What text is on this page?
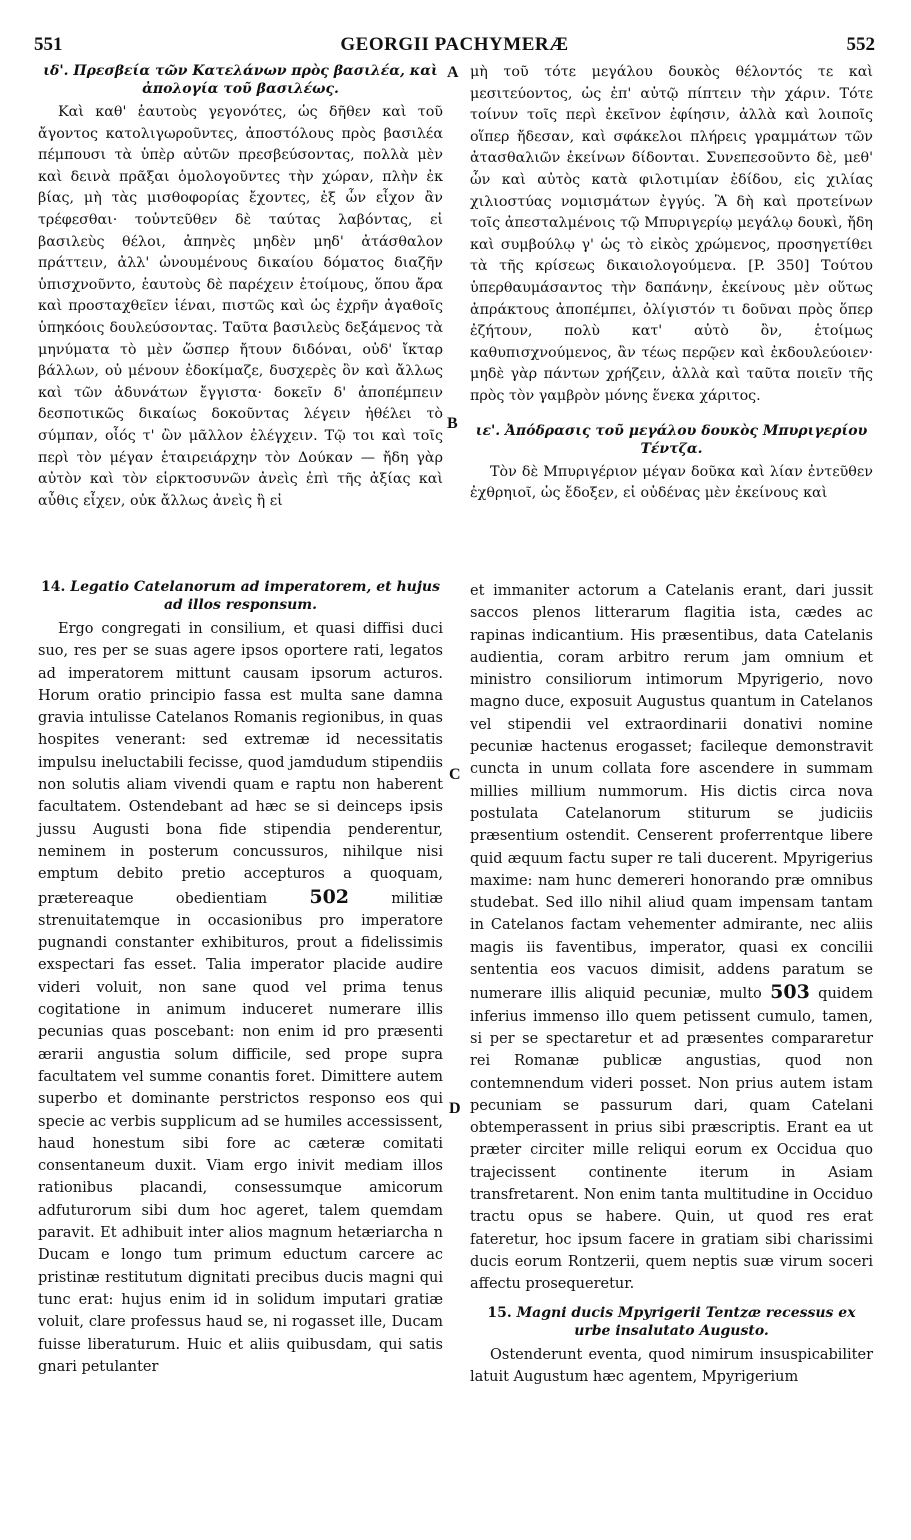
551	GEORGII PACHYMERÆ	552
ιδ'. Πρεσβεία τῶν Κατελάνων πρὸς βασιλέα, καὶ ἀπολογία τοῦ βασιλέως.

Καὶ καθ' ἑαυτοὺς γεγονότες, ὡς δῆθεν καὶ τοῦ ἄγοντος κατολιγωροῦντες, ἀποστόλους πρὸς βασιλέα πέμπουσι τὰ ὑπὲρ αὐτῶν πρεσβεύσοντας, πολλὰ μὲν καὶ δεινὰ πρᾶξαι ὁμολογοῦντες τὴν χώραν, πλὴν ἐκ βίας, μὴ τὰς μισθοφορίας ἔχοντες, ἐξ ὧν εἶχον ἂν τρέφεσθαι· τοὐντεῦθεν δὲ ταύτας λαβόντας, εἰ βασιλεὺς θέλοι, ἀπηνὲς μηδὲν μηδ' ἀτάσθαλον πράττειν, ἀλλ' ὠνουμένους δικαίου δόματος διαζῆν ὑπισχνοῦντο, ἑαυτοὺς δὲ παρέχειν ἑτοίμους, ὅπου ἄρα καὶ προσταχθεῖεν ἰέναι, πιστῶς καὶ ὡς ἐχρῆν ἀγαθοῖς ὑπηκόοις δουλεύσοντας. Ταῦτα βασιλεὺς δεξάμενος τὰ μηνύματα τὸ μὲν ὥσπερ ἤτουν διδόναι, οὐδ' ἴκταρ βάλλων, οὐ μένουν ἐδοκίμαζε, δυσχερὲς ὂν καὶ ἄλλως καὶ τῶν ἀδυνάτων ἔγγιστα· δοκεῖν δ' ἀποπέμπειν δεσποτικῶς δικαίως δοκοῦντας λέγειν ἠθέλει τὸ σύμπαν, οἷός τ' ὢν μᾶλλον ἐλέγχειν. Τῷ τοι καὶ τοῖς περὶ τὸν μέγαν ἑταιρειάρχην τὸν Δούκαν — ἤδη γὰρ αὐτὸν καὶ τὸν εἱρκτοσυνῶν ἀνεὶς ἐπὶ τῆς ἀξίας καὶ αὖθις εἶχεν, οὐκ ἄλλως ἀνεὶς ἢ εἰ

μὴ τοῦ τότε μεγάλου δουκὸς θέλοντός τε καὶ μεσιτεύοντος, ὡς ἐπ' αὐτῷ πίπτειν τὴν χάριν. Τότε τοίνυν τοῖς περὶ ἐκεῖνον ἐφίησιν, ἀλλὰ καὶ λοιποῖς οἵπερ ἤδεσαν, καὶ σφάκελοι πλήρεις γραμμάτων τῶν ἀτασθαλιῶν ἐκείνων δίδονται. Συνεπεσοῦντο δὲ, μεθ' ὧν καὶ αὐτὸς κατὰ φιλοτιμίαν ἐδίδου, εἰς χιλίας χιλιοστύας νομισμάτων ἐγγύς. Ἃ δὴ καὶ προτείνων τοῖς ἀπεσταλμένοις τῷ Μπυριγερίῳ μεγάλῳ δουκὶ, ἤδη καὶ συμβούλῳ γ' ὡς τὸ εἰκὸς χρώμενος, προσηγετίθει τὰ τῆς κρίσεως δικαιολογούμενα. [P. 350] Τούτου ὑπερθαυμάσαντος τὴν δαπάνην, ἐκείνους μὲν οὕτως ἀπράκτους ἀποπέμπει, ὀλίγιστόν τι δοῦναι πρὸς ὅπερ ἐζήτουν, πολὺ κατ' αὐτὸ ὂν, ἑτοίμως καθυπισχνούμενος, ἂν τέως περῷεν καὶ ἐκδουλεύοιεν· μηδὲ γὰρ πάντων χρήζειν, ἀλλὰ καὶ ταῦτα ποιεῖν τῆς πρὸς τὸν γαμβρὸν μόνης ἕνεκα χάριτος.

ιε'. Ἀπόδρασις τοῦ μεγάλου δουκὸς Μπυριγερίου Τέντζα.

Τὸν δὲ Μπυριγέριον μέγαν δοῦκα καὶ λίαν ἐντεῦθεν ἐχθρηιοῖ, ὡς ἔδοξεν, εἰ οὐδένας μὲν ἐκείνους καὶ

A
B
C
D
14. Legatio Catelanorum ad imperatorem, et hujus ad illos responsum.

Ergo congregati in consilium, et quasi diffisi duci suo, res per se suas agere ipsos oportere rati, legatos ad imperatorem mittunt causam ipsorum acturos. Horum oratio principio fassa est multa sane damna gravia intulisse Catelanos Romanis regionibus, in quas hospites venerant: sed extremæ id necessitatis impulsu ineluctabili fecisse, quod jamdudum stipendiis non solutis aliam vivendi quam e raptu non haberent facultatem. Ostendebant ad hæc se si deinceps ipsis jussu Augusti bona fide stipendia penderentur, neminem in posterum concussuros, nihilque nisi emptum debito pretio accepturos a quoquam, prætereaque obedientiam 502	militiæ strenuitatemque in occasionibus pro imperatore pugnandi constanter exhibituros, prout a fidelissimis exspectari fas esset. Talia imperator placide audire videri voluit, non sane quod vel prima tenus cogitatione in animum induceret numerare illis pecunias quas poscebant: non enim id pro præsenti ærarii angustia solum difficile, sed prope supra facultatem vel summe conantis foret. Dimittere autem superbo et dominante perstrictos responso eos qui specie ac verbis supplicum ad se humiles accessissent, haud honestum sibi fore ac cæteræ comitati consentaneum duxit. Viam ergo inivit mediam illos rationibus placandi, consessumque amicorum adfuturorum sibi dum hoc ageret, talem quemdam paravit. Et adhibuit inter alios magnum hetæriarcha n Ducam e longo tum primum eductum carcere ac pristinæ restitutum dignitati precibus ducis magni qui tunc erat: hujus enim id in solidum imputari gratiæ voluit, clare professus haud se, ni rogasset ille, Ducam fuisse liberaturum. Huic et aliis quibusdam, qui satis gnari petulanter

et immaniter actorum a Catelanis erant, dari jussit saccos plenos litterarum flagitia ista, cædes ac rapinas indicantium. His præsentibus, data Catelanis audientia, coram arbitro rerum jam omnium et ministro consiliorum intimorum Mpyrigerio, novo magno duce, exposuit Augustus quantum in Catelanos vel stipendii vel extraordinarii donativi nomine pecuniæ hactenus erogasset; facileque demonstravit cuncta in unum collata fore ascendere in summam millies millium nummorum. His dictis circa nova postulata Catelanorum stiturum se judiciis præsentium ostendit. Censerent proferrentque libere quid æquum factu super re tali ducerent. Mpyrigerius maxime: nam hunc demereri honorando præ omnibus studebat. Sed illo nihil aliud quam impensam tantam in Catelanos factam vehementer admirante, nec aliis magis iis faventibus, imperator, quasi ex concilii sententia eos vacuos dimisit, addens paratum se numerare illis aliquid pecuniæ, multo 503 quidem inferius immenso illo quem petissent cumulo, tamen, si per se spectaretur et ad præsentes compararetur rei Romanæ publicæ angustias, quod non contemnendum videri posset. Non prius autem istam pecuniam se passurum dari, quam Catelani obtemperassent in prius sibi præscriptis. Erant ea ut præter circiter mille reliqui eorum ex Occidua quo trajecissent continente iterum in Asiam transfretarent. Non enim tanta multitudine in Occiduo tractu opus se habere. Quin, ut quod res erat fateretur, hoc ipsum facere in gratiam sibi charissimi ducis eorum Rontzerii, quem neptis suæ virum soceri affectu prosequeretur.

15. Magni ducis Mpyrigerii Tentzæ recessus ex urbe insalutato Augusto.

Ostenderunt eventa, quod nimirum insuspicabiliter latuit Augustum hæc agentem, Mpyrigerium
